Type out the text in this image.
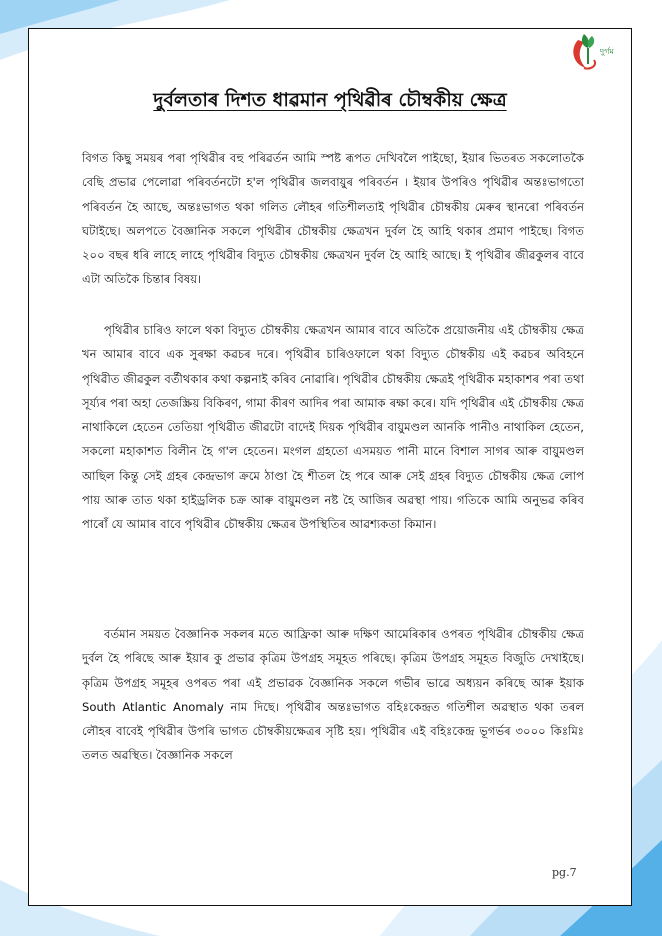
দুৰ্গম
দুৰ্বলতাৰ দিশত ধাৱমান পৃথিৱীৰ চৌম্বকীয় ক্ষেত্ৰ

বিগত কিছু সময়ৰ পৰা পৃথিৱীৰ বহু পৰিৱৰ্তন আমি স্পষ্ট ৰূপত দেখিবলৈ পাইছো, ইয়াৰ ভিতৰত সকলোতকৈ বেছি প্ৰভাৱ পেলোৱা পৰিবৰ্তনটো হ'ল পৃথিৱীৰ জলবায়ুৰ পৰিবৰ্তন । ইয়াৰ উপৰিও পৃথিৱীৰ অন্তঃভাগতো পৰিবৰ্তন হৈ আছে, অন্তঃভাগত থকা গলিত লৌহৰ গতিশীলতাই পৃথিৱীৰ চৌম্বকীয় মেৰুৰ স্থানৰো পৰিবৰ্তন ঘটাইছে। অলপতে বৈজ্ঞানিক সকলে পৃথিৱীৰ চৌম্বকীয় ক্ষেত্ৰখন দুৰ্বল হৈ আহি থকাৰ প্ৰমাণ পাইছে। বিগত ২০০ বছৰ ধৰি লাহে লাহে পৃথিৱীৰ বিদ্যুত চৌম্বকীয় ক্ষেত্ৰখন দুৰ্বল হৈ আহি আছে। ই পৃথিৱীৰ জীৱকুলৰ বাবে এটা অতিকৈ চিন্তাৰ বিষয়।

পৃথিৱীৰ চাৰিও ফালে থকা বিদ্যুত চৌম্বকীয় ক্ষেত্ৰখন আমাৰ বাবে অতিকৈ প্ৰয়োজনীয় এই চৌম্বকীয় ক্ষেত্ৰ খন আমাৰ বাবে এক সুৰক্ষা কৱচৰ দৰে। পৃথিৱীৰ চাৰিওফালে থকা বিদ্যুত চৌম্বকীয় এই কৱচৰ অবিহনে পৃথিৱীত জীৱকুল বৰ্তীথকাৰ কথা কল্পনাই কৰিব নোৱাৰি। পৃথিৱীৰ চৌম্বকীয় ক্ষেত্ৰই পৃথিৱীক মহাকাশৰ পৰা তথা সূৰ্য্যৰ পৰা অহা তেজস্ক্ৰিয় বিকিৰণ, গামা কীৰণ আদিৰ পৰা আমাক ৰক্ষা কৰে। যদি পৃথিৱীৰ এই চৌম্বকীয় ক্ষেত্ৰ নাথাকিলে হেতেন তেতিয়া পৃথিৱীত জীৱটো বাদেই দিয়ক পৃথিৱীৰ বায়ুমণ্ডল আনকি পানীও নাথাকিল হেতেন, সকলো মহাকাশত বিলীন হৈ গ'ল হেতেন। মংগল গ্ৰহতো এসময়ত পানী মানে বিশাল সাগৰ আৰু বায়ুমণ্ডল আছিল কিন্তু সেই গ্ৰহৰ কেন্দ্ৰভাগ ক্ৰমে ঠাণ্ডা হৈ শীতল হৈ পৰে আৰু সেই গ্ৰহৰ বিদ্যুত চৌম্বকীয় ক্ষেত্ৰ লোপ পায় আৰু তাত থকা হাইড্ৰলিক চক্ৰ আৰু বায়ুমণ্ডল নষ্ট হৈ আজিৰ অৱস্থা পায়। গতিকে আমি অনুভৱ কৰিব পাৰোঁ যে আমাৰ বাবে পৃথিৱীৰ চৌম্বকীয় ক্ষেত্ৰৰ উপস্থিতিৰ আৱশ্যকতা কিমান।

বৰ্তমান সময়ত বৈজ্ঞানিক সকলৰ মতে আফ্ৰিকা আৰু দক্ষিণ আমেৰিকাৰ ওপৰত পৃথিৱীৰ চৌম্বকীয় ক্ষেত্ৰ দুৰ্বল হৈ পৰিছে আৰু ইয়াৰ কু প্ৰভাৱ কৃত্ৰিম উপগ্ৰহ সমূহত পৰিছে। কৃত্ৰিম উপগ্ৰহ সমূহত বিজুতি দেখাইছে। কৃত্ৰিম উপগ্ৰহ সমূহৰ ওপৰত পৰা এই প্ৰভাৱক বৈজ্ঞানিক সকলে গভীৰ ভাৱে অধ্যয়ন কৰিছে আৰু ইয়াক South Atlantic Anomaly নাম দিছে। পৃথিৱীৰ অন্তঃভাগত বহিঃকেন্দ্ৰত গতিশীল অৱস্থাত থকা তৰল লৌহৰ বাবেই পৃথিৱীৰ উপৰি ভাগত চৌম্বকীয়ক্ষেত্ৰৰ সৃষ্টি হয়। পৃথিৱীৰ এই বহিঃকেন্দ্ৰ ভূগৰ্ভৰ ৩০০০ কিঃমিঃ তলত অৱস্থিত। বৈজ্ঞানিক সকলে

pg.7
